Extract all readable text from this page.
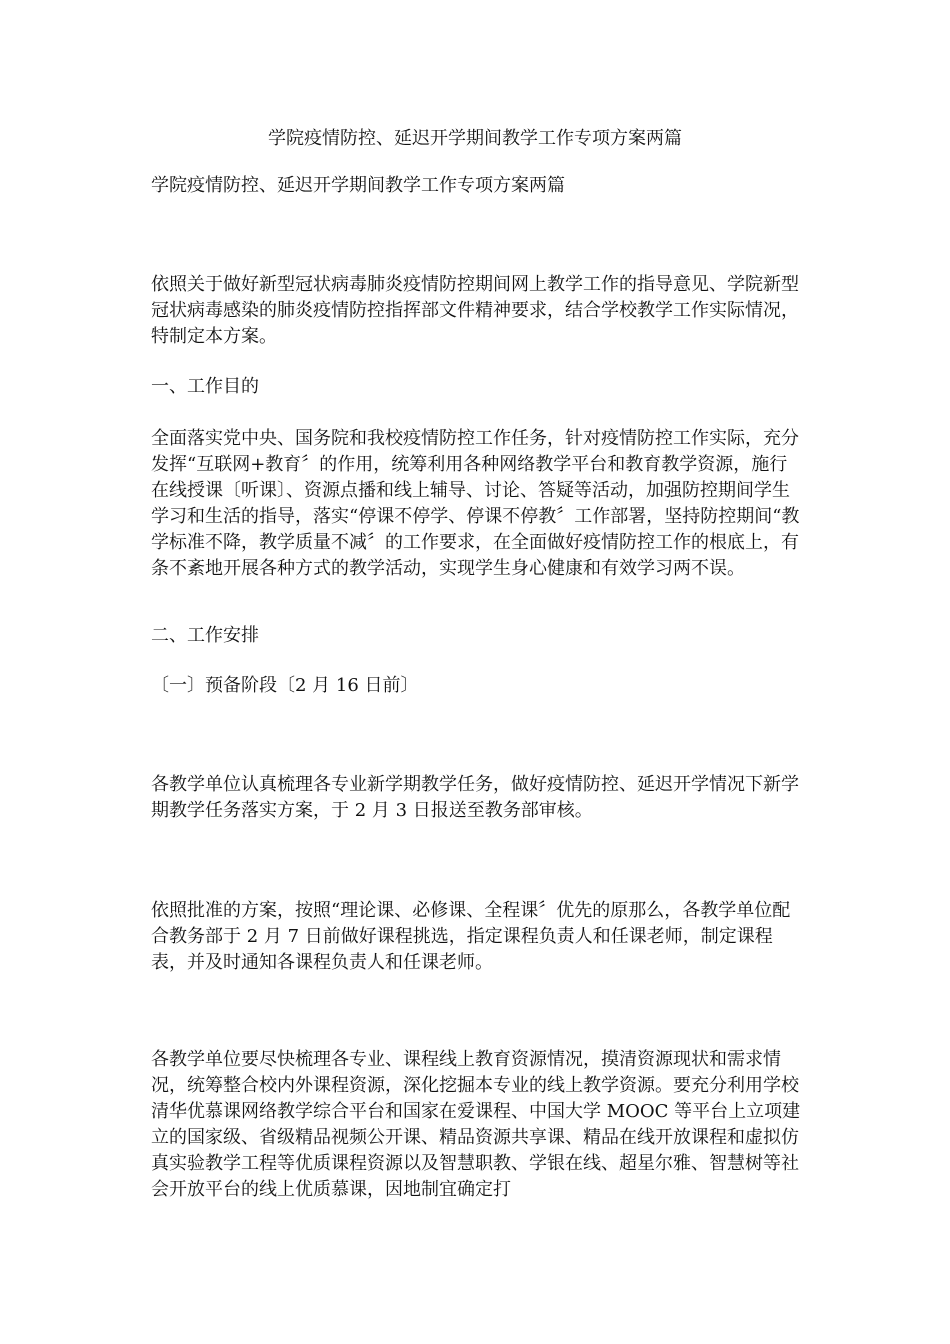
学院疫情防控、延迟开学期间教学工作专项方案两篇

学院疫情防控、延迟开学期间教学工作专项方案两篇

依照关于做好新型冠状病毒肺炎疫情防控期间网上教学工作的指导意见、学院新型冠状病毒感染的肺炎疫情防控指挥部文件精神要求，结合学校教学工作实际情况，特制定本方案。

一、工作目的

全面落实党中央、国务院和我校疫情防控工作任务，针对疫情防控工作实际，充分发挥“互联网+教育〞的作用，统筹利用各种网络教学平台和教育教学资源，施行在线授课〔听课〕、资源点播和线上辅导、讨论、答疑等活动，加强防控期间学生学习和生活的指导，落实“停课不停学、停课不停教〞工作部署，坚持防控期间“教学标准不降，教学质量不减〞的工作要求，在全面做好疫情防控工作的根底上，有条不紊地开展各种方式的教学活动，实现学生身心健康和有效学习两不误。

二、工作安排

〔一〕预备阶段〔2 月 16 日前〕

各教学单位认真梳理各专业新学期教学任务，做好疫情防控、延迟开学情况下新学期教学任务落实方案，于 2 月 3 日报送至教务部审核。

依照批准的方案，按照“理论课、必修课、全程课〞优先的原那么，各教学单位配合教务部于 2 月 7 日前做好课程挑选，指定课程负责人和任课老师，制定课程表，并及时通知各课程负责人和任课老师。

各教学单位要尽快梳理各专业、课程线上教育资源情况，摸清资源现状和需求情况，统筹整合校内外课程资源，深化挖掘本专业的线上教学资源。要充分利用学校清华优慕课网络教学综合平台和国家在爱课程、中国大学 MOOC 等平台上立项建立的国家级、省级精品视频公开课、精品资源共享课、精品在线开放课程和虚拟仿真实验教学工程等优质课程资源以及智慧职教、学银在线、超星尔雅、智慧树等社会开放平台的线上优质慕课，因地制宜确定打
